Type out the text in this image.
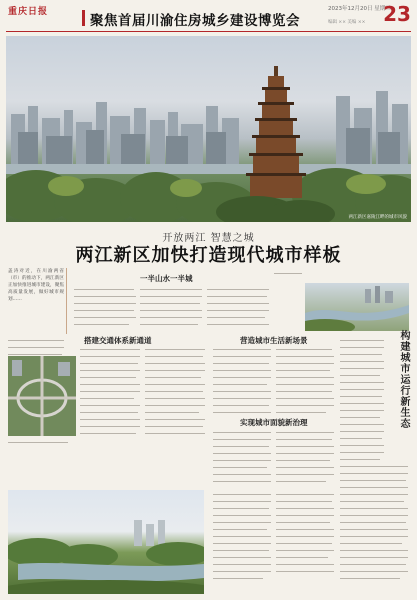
重庆日报
聚焦首届川渝住房城乡建设博览会
2023年12月20日 星期三
编辑 ×× 美编 ×× 23
两江新区嘉陵江畔的城市风貌
开放两江 智慧之城
两江新区加快打造现代城市样板
盖涛对近，在川渝两省（市）的推动下，两江新区正加快推进城市建设，聚焦高质量发展，做好城市规划……
一半山水一半城
搭建交通体系新通道	营造城市生活新场景
实现城市面貌新治理	构建城市运行新生态
